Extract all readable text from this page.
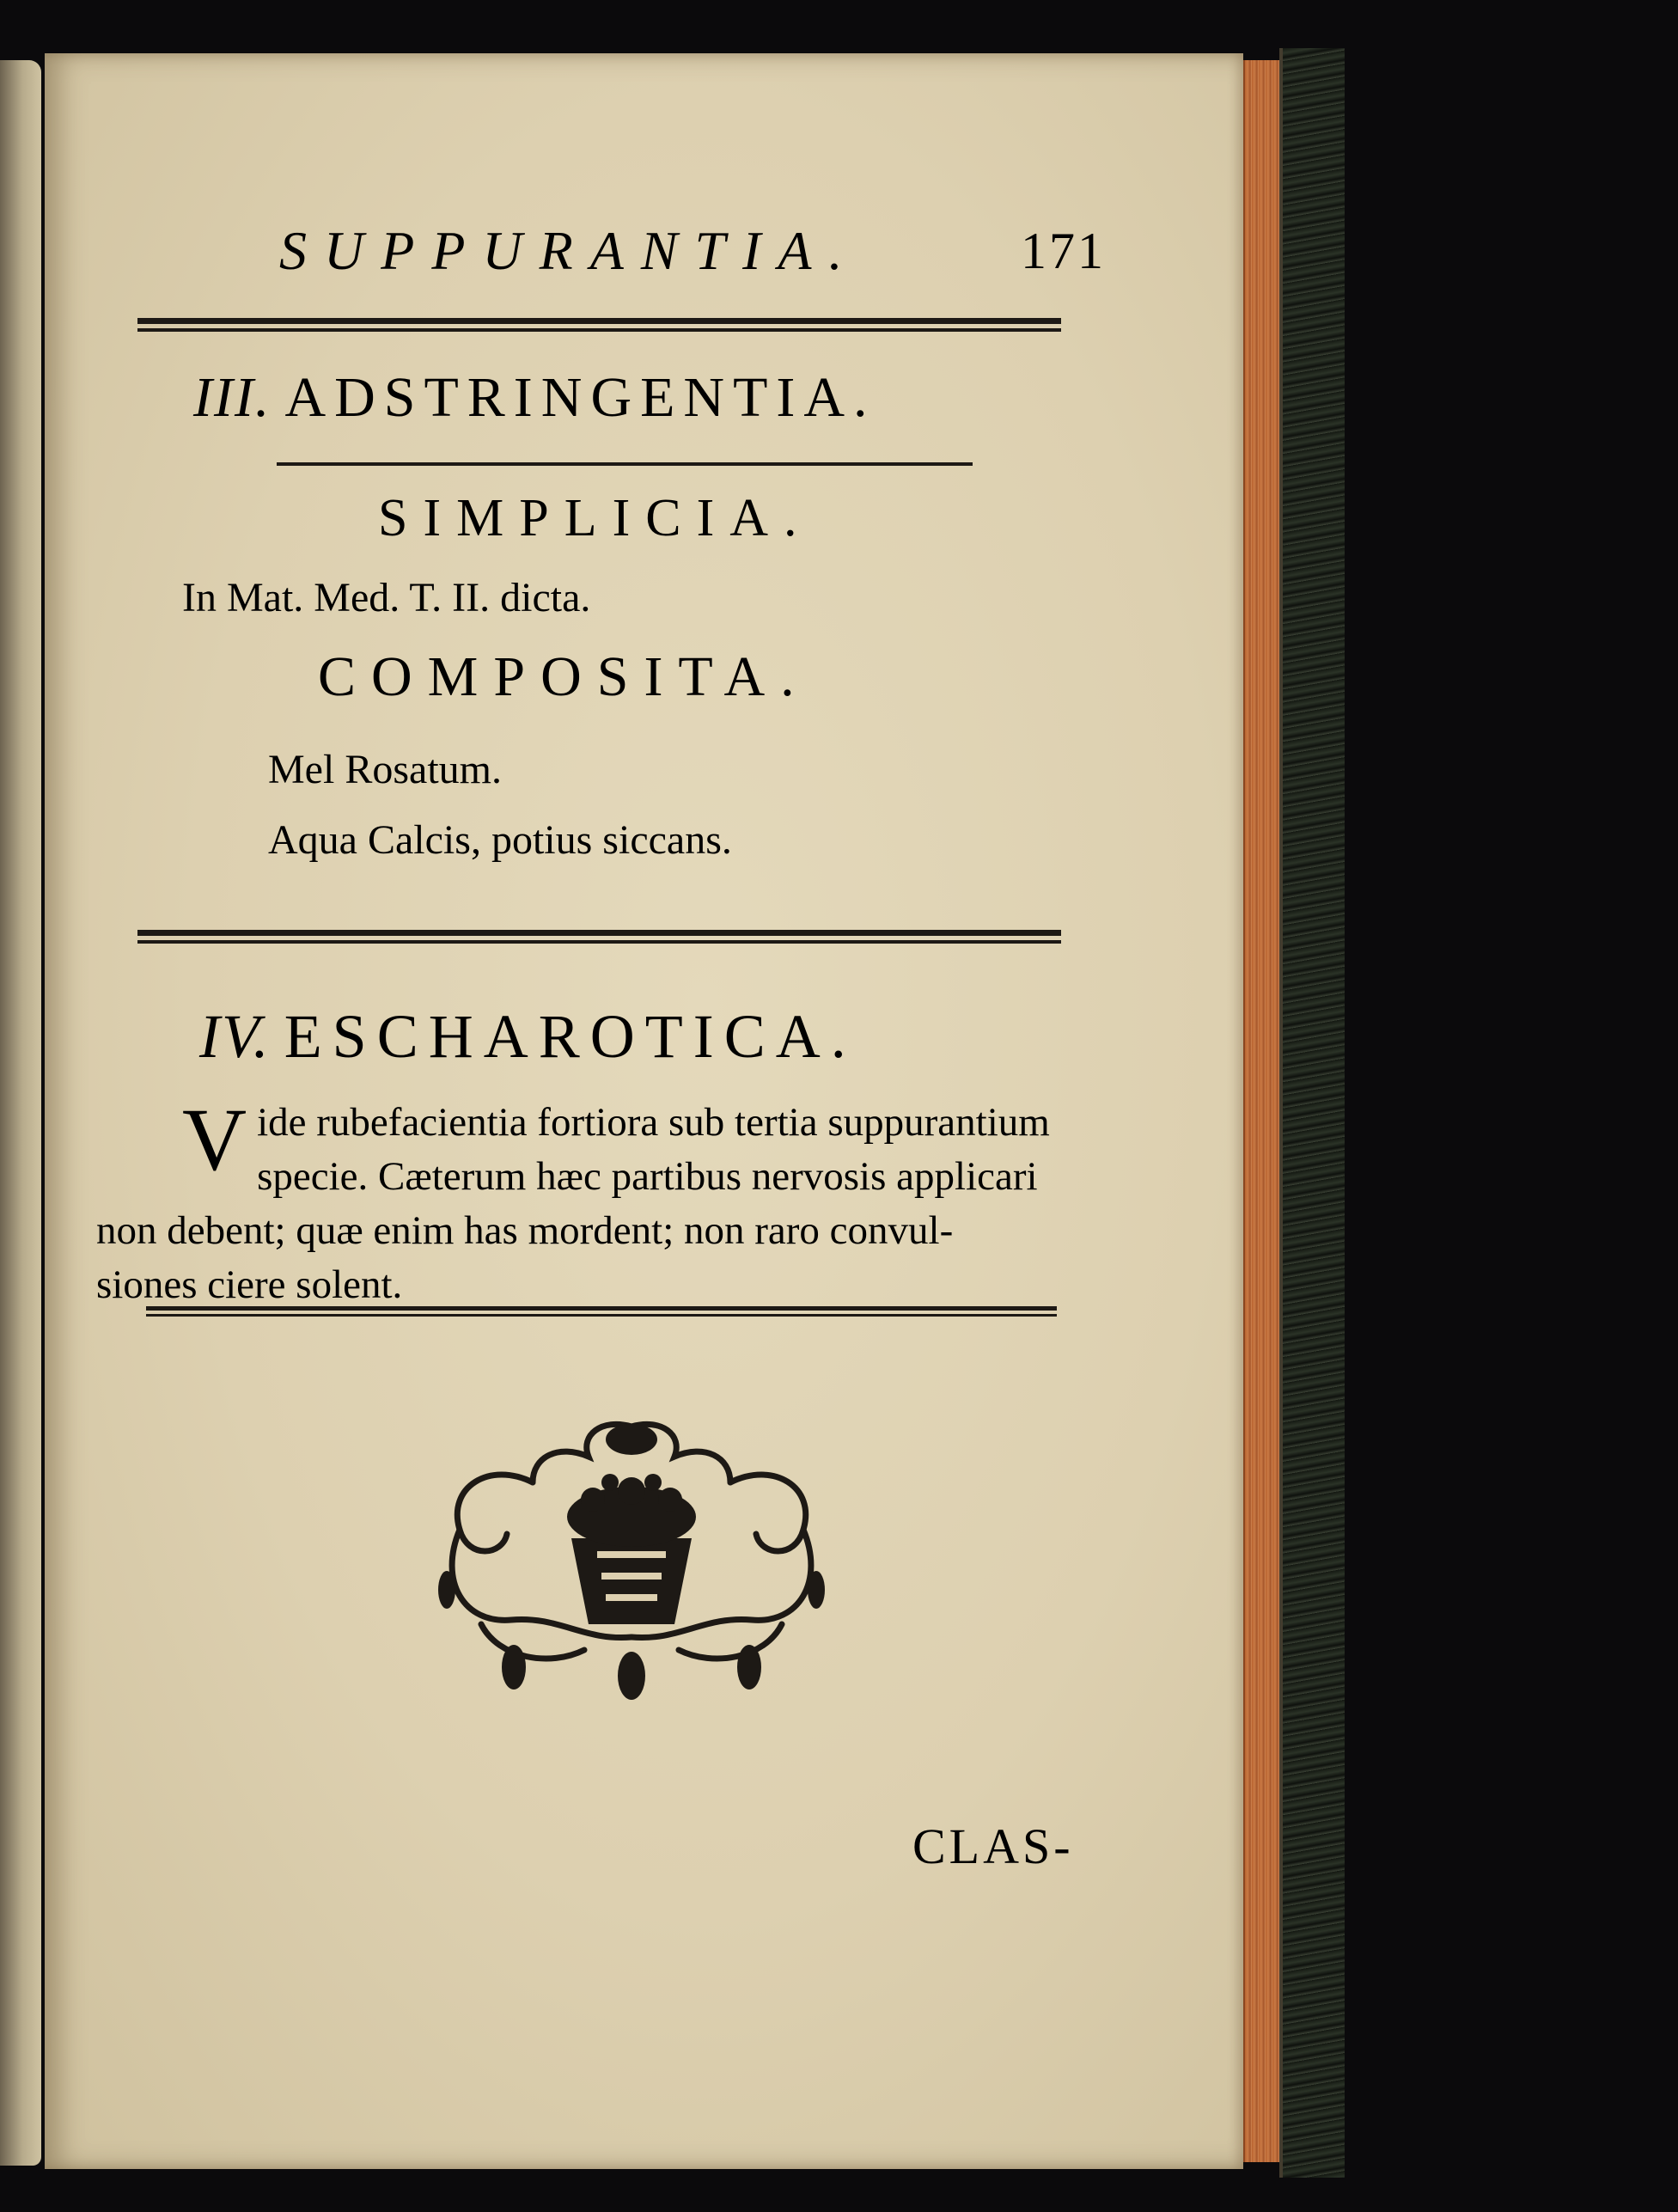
SUPPURANTIA.	171
III. ADSTRINGENTIA.
SIMPLICIA.
In Mat. Med. T. II. dicta.
COMPOSITA.
Mel Rosatum.
Aqua Calcis, potius siccans.
IV. ESCHAROTICA.
V ide rubefacientia fortiora sub tertia suppurantium
specie. Cæterum hæc partibus nervosis applicari
non debent; quæ enim has mordent; non raro convul-
siones ciere solent.
CLAS-
